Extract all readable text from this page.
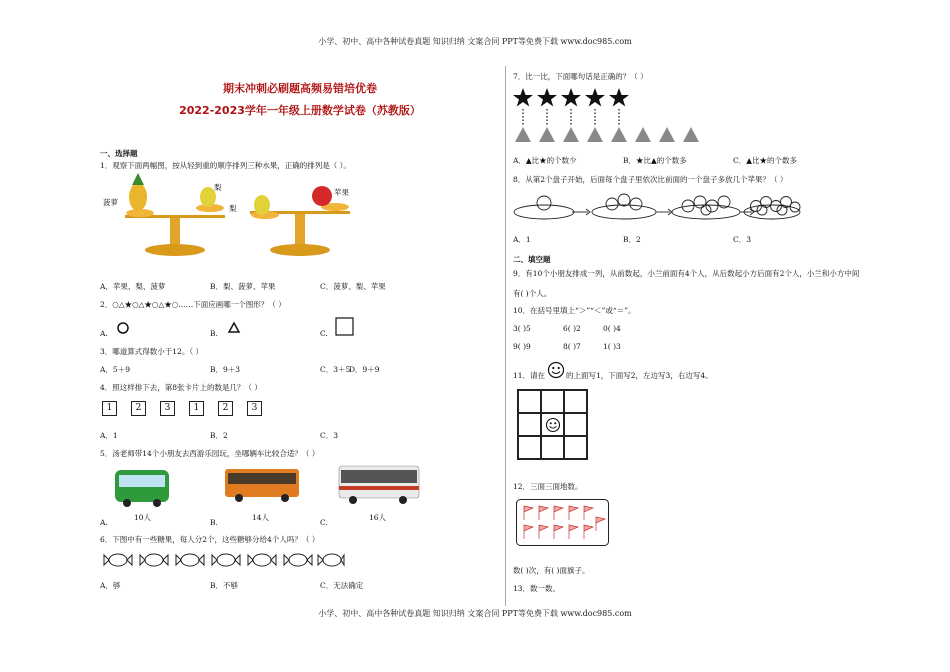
小学、初中、高中各种试卷真题 知识归纳 文案合同 PPT等免费下载 www.doc985.com
小学、初中、高中各种试卷真题 知识归纳 文案合同 PPT等免费下载 www.doc985.com
期末冲刺必刷题高频易错培优卷
2022-2023学年一年级上册数学试卷（苏教版）
一、选择题
1．观察下面两幅图，按从轻到重的顺序排列三种水果，正确的排列是（ ）。
菠萝
梨
梨
苹果
A．苹果、梨、菠萝	B．梨、菠萝、苹果	C．菠萝、梨、苹果
2．○△★○△★○△★○……下面应画哪一个图形？（ ）
A.	B.	C.
3．哪道算式得数小于12。（ ）
A．5＋9	B．9＋3	C．3＋5
D．9＋9
4．照这样排下去，第8张卡片上的数是几？（ ）
1	2	3	1	2	3
A．1	B．2	C．3
5．汤老师带14个小朋友去西游乐园玩，坐哪辆车比较合适？（ ）
10人	14人	16人
A.	B.	C.
6．下图中有一些糖果，每人分2个，这些糖够分给4个人吗？（ ）
A．够	B．不够	C．无法确定
7．比一比，下面哪句话是正确的？（ ）
A．▲比★的个数少	B．★比▲的个数多	C．▲比★的个数多
8．从第2个盘子开始，后面每个盘子里依次比前面的一个盘子多放几个苹果？（ ）
A．1	B．2	C．3
二、填空题
9．有10个小朋友排成一列，从前数起，小兰前面有4个人，从后数起小方后面有2个人，小兰和小方中间
有( )个人。
10．在括号里填上“＞”“＜”或“＝”。
3( )5	6( )2	0( )4
9( )9	8( )7	1( )3
11．请在	的上面写1，下面写2，左边写3，右边写4。
12．三面三面地数。
数( )次，有( )面旗子。
13．数一数。
